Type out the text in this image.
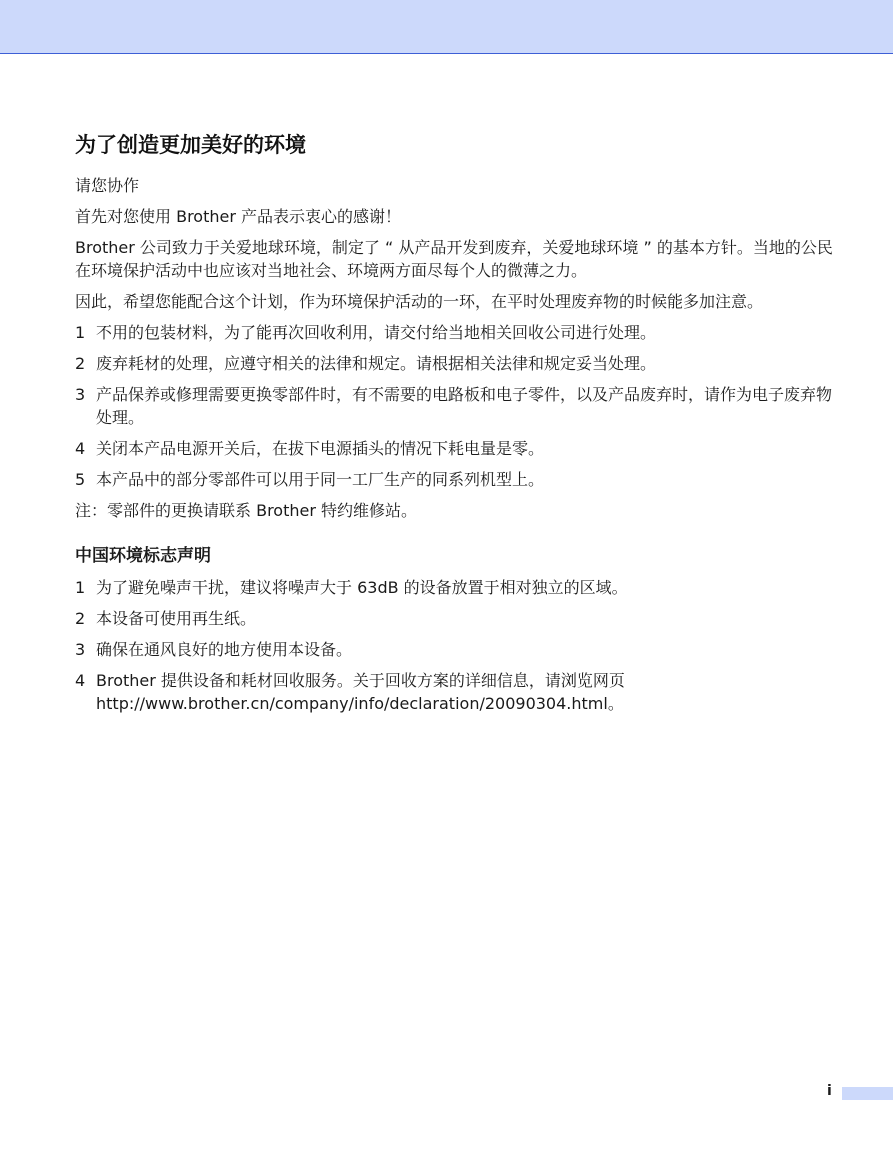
为了创造更加美好的环境

请您协作

首先对您使用 Brother 产品表示衷心的感谢！

Brother 公司致力于关爱地球环境，制定了 “ 从产品开发到废弃，关爱地球环境 ” 的基本方针。当地的公民在环境保护活动中也应该对当地社会、环境两方面尽每个人的微薄之力。

因此，希望您能配合这个计划，作为环境保护活动的一环，在平时处理废弃物的时候能多加注意。

1 不用的包装材料，为了能再次回收利用，请交付给当地相关回收公司进行处理。
2 废弃耗材的处理，应遵守相关的法律和规定。请根据相关法律和规定妥当处理。
3 产品保养或修理需要更换零部件时，有不需要的电路板和电子零件，以及产品废弃时，请作为电子废弃物处理。
4 关闭本产品电源开关后，在拔下电源插头的情况下耗电量是零。
5 本产品中的部分零部件可以用于同一工厂生产的同系列机型上。

注：零部件的更换请联系 Brother 特约维修站。

中国环境标志声明
1 为了避免噪声干扰，建议将噪声大于 63dB 的设备放置于相对独立的区域。
2 本设备可使用再生纸。
3 确保在通风良好的地方使用本设备。
4 Brother 提供设备和耗材回收服务。关于回收方案的详细信息，请浏览网页
http://www.brother.cn/company/info/declaration/20090304.html。
i
